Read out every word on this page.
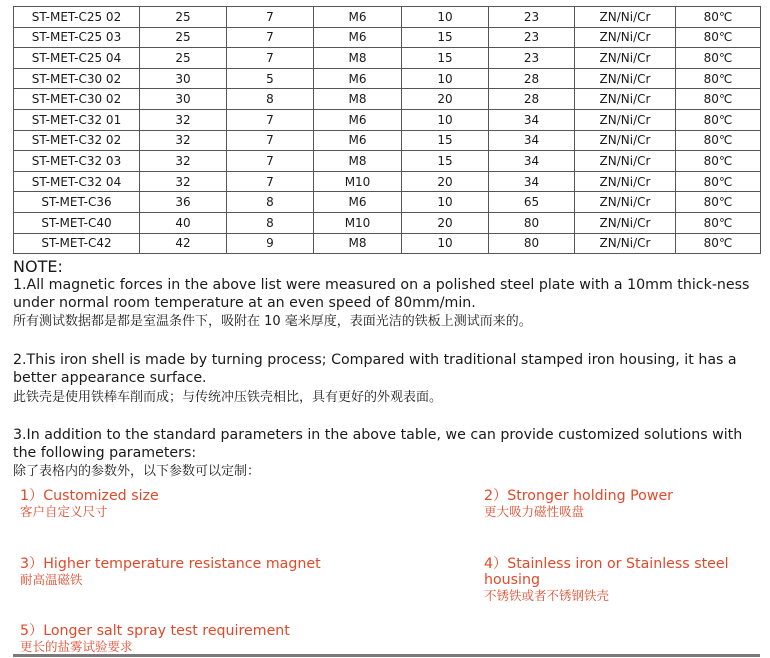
ST-MET-C25 02	25	7	M6	10	23	ZN/Ni/Cr	80℃
ST-MET-C25 03	25	7	M6	15	23	ZN/Ni/Cr	80℃
ST-MET-C25 04	25	7	M8	15	23	ZN/Ni/Cr	80℃
ST-MET-C30 02	30	5	M6	10	28	ZN/Ni/Cr	80℃
ST-MET-C30 02	30	8	M8	20	28	ZN/Ni/Cr	80℃
ST-MET-C32 01	32	7	M6	10	34	ZN/Ni/Cr	80℃
ST-MET-C32 02	32	7	M6	15	34	ZN/Ni/Cr	80℃
ST-MET-C32 03	32	7	M8	15	34	ZN/Ni/Cr	80℃
ST-MET-C32 04	32	7	M10	20	34	ZN/Ni/Cr	80℃
ST-MET-C36	36	8	M6	10	65	ZN/Ni/Cr	80℃
ST-MET-C40	40	8	M10	20	80	ZN/Ni/Cr	80℃
ST-MET-C42	42	9	M8	10	80	ZN/Ni/Cr	80℃
NOTE:
1.All magnetic forces in the above list were measured on a polished steel plate with a 10mm thick-ness under normal room temperature at an even speed of 80mm/min.
所有测试数据都是都是室温条件下，吸附在 10 毫米厚度，表面光洁的铁板上测试而来的。
2.This iron shell is made by turning process; Compared with traditional stamped iron housing, it has a better appearance surface.
此铁壳是使用铁棒车削而成；与传统冲压铁壳相比，具有更好的外观表面。
3.In addition to the standard parameters in the above table, we can provide customized solutions with the following parameters:
除了表格内的参数外，以下参数可以定制：
1）Customized size
客户自定义尺寸
2）Stronger holding Power
更大吸力磁性吸盘
3）Higher temperature resistance magnet
耐高温磁铁
4）Stainless iron or Stainless steel housing
不锈铁或者不锈钢铁壳
5）Longer salt spray test requirement
更长的盐雾试验要求
